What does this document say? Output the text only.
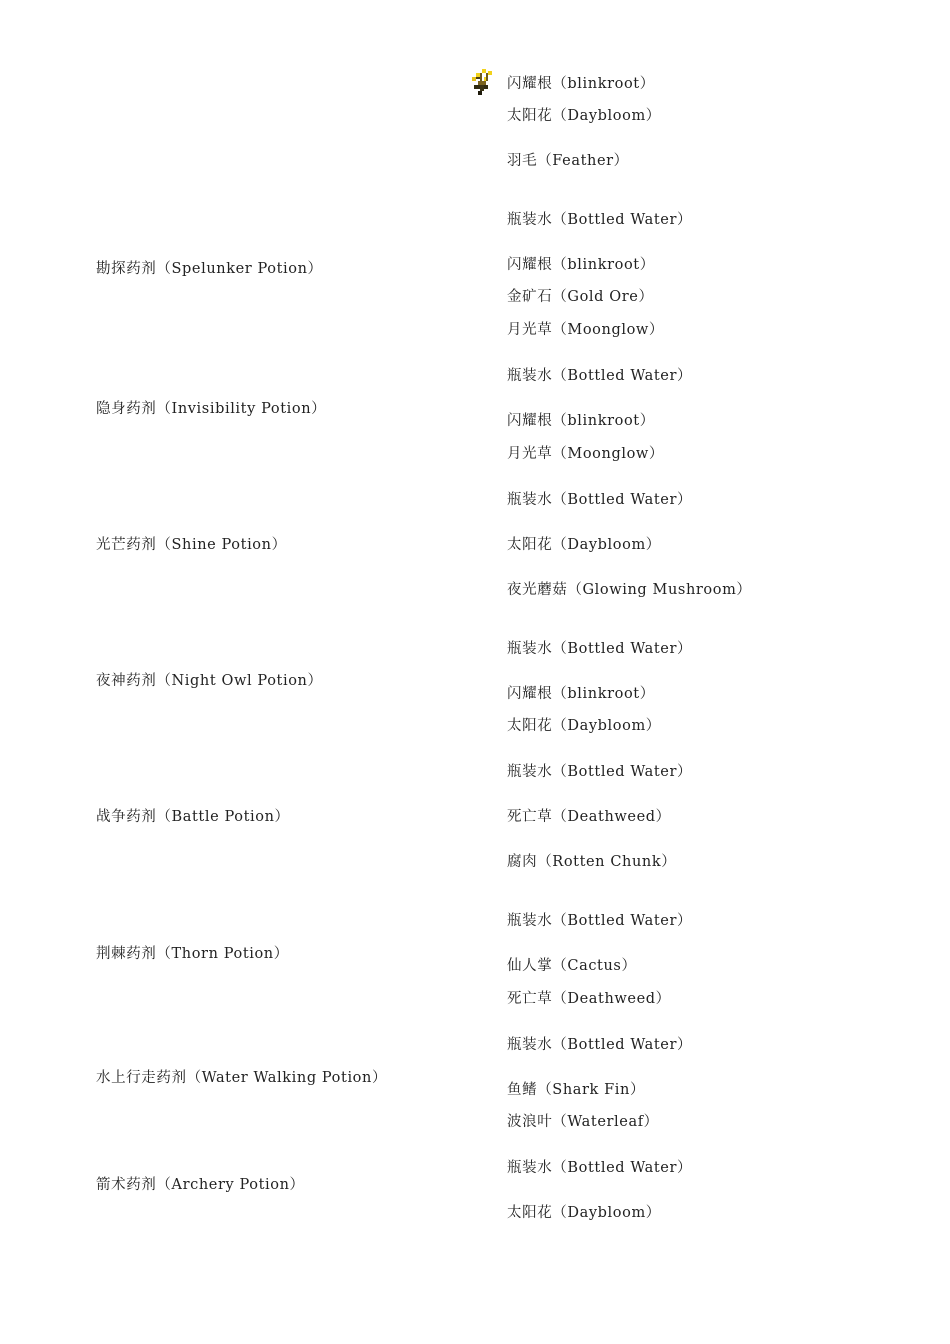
闪耀根（blinkroot）
太阳花（Daybloom）
羽毛（Feather）
勘探药剂（Spelunker Potion）
瓶装水（Bottled Water）
闪耀根（blinkroot）
金矿石（Gold Ore）
月光草（Moonglow）
隐身药剂（Invisibility Potion）
瓶装水（Bottled Water）
闪耀根（blinkroot）
月光草（Moonglow）
光芒药剂（Shine Potion）
瓶装水（Bottled Water）
太阳花（Daybloom）
夜光蘑菇（Glowing Mushroom）
夜神药剂（Night Owl Potion）
瓶装水（Bottled Water）
闪耀根（blinkroot）
太阳花（Daybloom）
战争药剂（Battle Potion）
瓶装水（Bottled Water）
死亡草（Deathweed）
腐肉（Rotten Chunk）
荆棘药剂（Thorn Potion）
瓶装水（Bottled Water）
仙人掌（Cactus）
死亡草（Deathweed）
水上行走药剂（Water Walking Potion）
瓶装水（Bottled Water）
鱼鳍（Shark Fin）
波浪叶（Waterleaf）
箭术药剂（Archery Potion）
瓶装水（Bottled Water）
太阳花（Daybloom）
